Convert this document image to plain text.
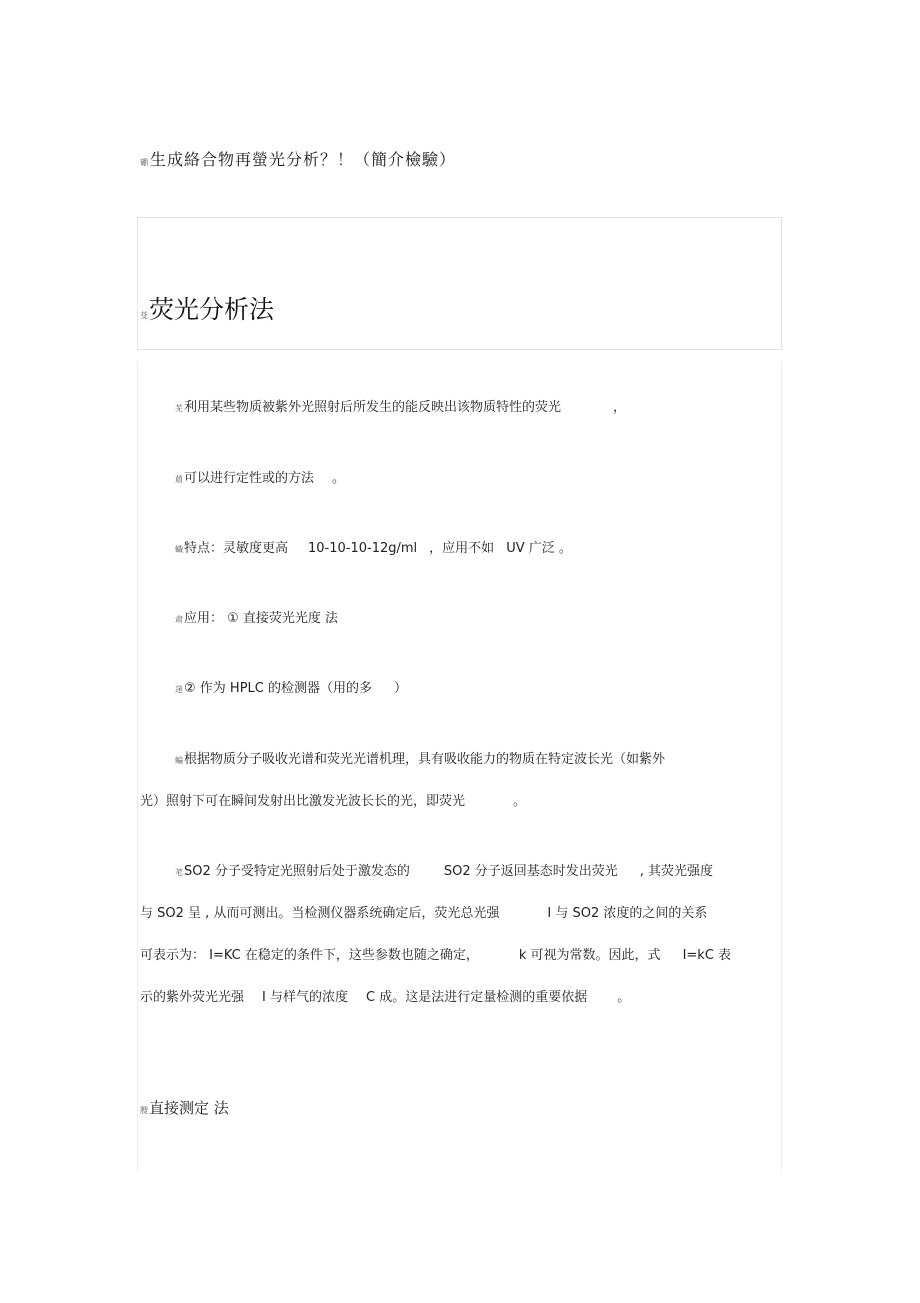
硼生成絡合物再螢光分析？！（簡介檢驗）
芟荧光分析法
芜利用某些物质被紫外光照射后所发生的能反映出该物质特性的荧光	，
葿可以进行定性或的方法 。
蟙特点：灵敏度更高 10-10-10-12g/ml ，应用不如 UV 广泛 。
肃应用： ① 直接荧光光度 法
蒁② 作为 HPLC 的检测器（用的多 ）
蝙根据物质分子吸收光谱和荧光光谱机理，具有吸收能力的物质在特定波长光（如紫外
光）照射下可在瞬间发射出比激发光波长长的光，即荧光	。
芼SO2 分子受特定光照射后处于激发态的	SO2 分子返回基态时发出荧光 , 其荧光强度
与 SO2 呈 , 从而可测出。当检测仪器系统确定后，荧光总光强	I 与 SO2 浓度的之间的关系
可表示为： I=KC 在稳定的条件下，这些参数也随之确定，	k 可视为常数。因此，式 I=kC 表
示的紫外荧光光强 I 与样气的浓度 C 成。这是法进行定量检测的重要依据 。
膄直接测定 法
